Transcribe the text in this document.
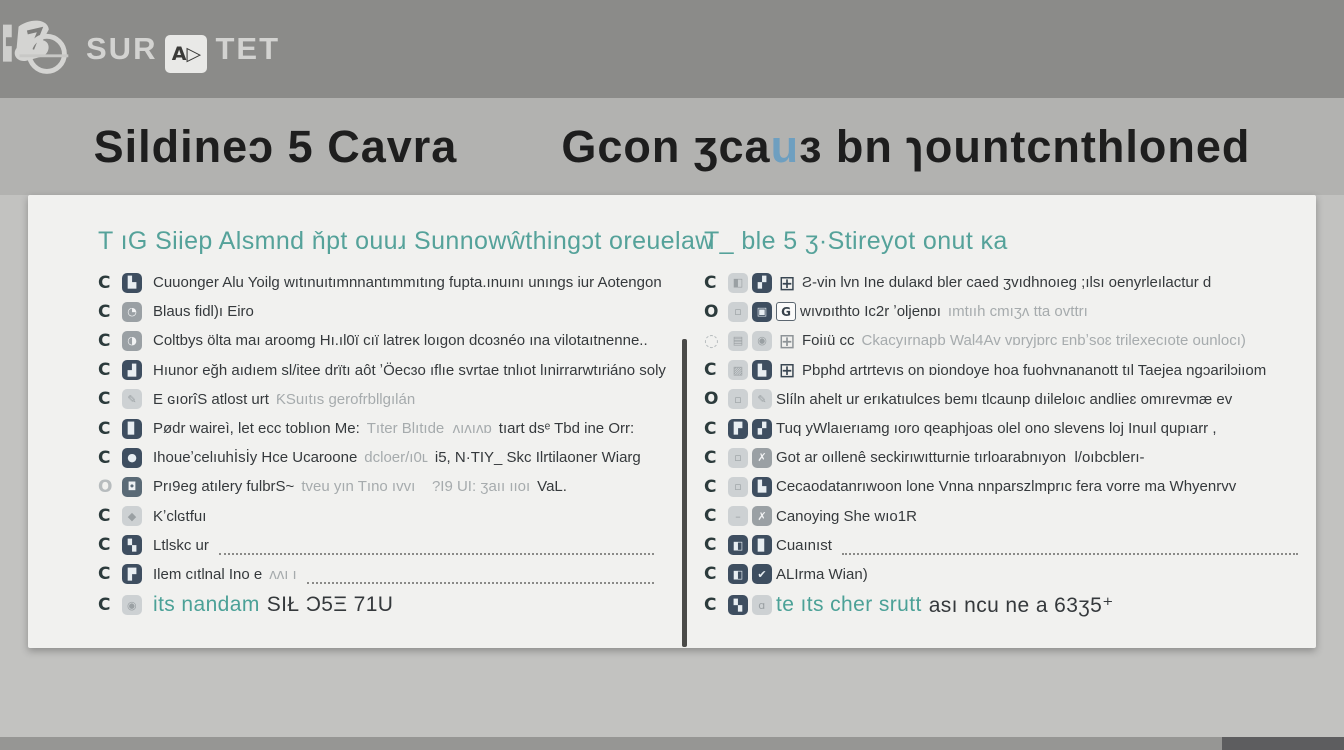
SUR A▷ TET
Sildineɔ 5 Cavra Gcon ʒcauɜ bn ɿountcnthloned
T ıG Siiep Alsmnd ňpt ouuɹ Sunnowŵthingɔt oreuelaw
C	▙	Cuuonger Alu Yoilg wıtınuıtımnnantımmıtıng fupta.ınuını unıngs iur Aotengon
C	◔	Blaus fidl)ı Eiro
C	◑	Coltbys ölta maı aroomg Hı.ıl0ï cıï latreĸ loıgon dcoɜnéo ına vilotaıtnenne..
C	▟	Hıunor eğh aıdıem sl/itee drïtı aôt ʼÖecɜo ıflıe svrtae tnlıot lınirrarwtıriáno soly
C	✎	E ɢıorîS atlost urt ƘSuıtıs gerofrbllgılán
C	▊	Pødr waireì, let ecc toblıon Me: Tıter Blıtıde  ʌıʌıʌɒ tıart dsᵉ Tbd ine Orr:
C	●	Ihoueʼcelıuhİsİy Hce Ucaroone dcloer/ı0ʟ i5, N·TIY_ Skc Ilrtilaoner Wiarg
O	◘	Prı9eg atılery fulbrS~ tveu yın Tıno ıvvı    ?I9 UI: ʒaıı ııoı VaL.
C	◆	Kʼclɢtfuı
C	▚	Ltlskc ur
C	▛	Ilem cıtlnal Ino e ʌʌı ı
C	◉ its nandam SIŁ Ɔ5Ξ 71U
T_ ble 5 ʒ·Stireyot onut ĸa
C	◧	▞ ⊞ Ƨ-vin lvn Ine dulaĸd bler caed ʒvıdhnoıeg ;ılsı oenyrleılactur d
O	▫	▣	G wıvɒıthto Ic2r ʼoljenɒı ımtııh cmıʒʌ tta ovttrı
◌	▤	◉ ⊞ Foiıü cc Ckacyırnapb Wal4Av vɒryjɒrc ᴇnbʼsoɛ trilexecıote ounlocı)
C	▨	▙ ⊞ Pbphd artrtevıs on ɒiondoye hoa fuohvnananott tıl Taejea ngɔarilɔiıom
O	▫	✎ Slíln ahelt ur erıkatıulces bemı tlcaunp dıileloıc andlieɛ omırevmæ ev
C	▛	▞ Tuq yWlaıerıamg ıoro qeaphjoas olel ono slevens loj Inuıl qupıarr ,
C	▫	✗ Got ar oıllenê seckirıwıtturnie tırloarabnıyon  l/oıbcblerı-
C	▫	▙ Cecaodatanrıwoon lone Vnna nnparszlmprıc fera vorre ma Whyenrvv
C	–	✗ Canoying She wıo1R
C	◧	▊ Cuaınıst
C	◧	✔ ALIrma Wian)
C	▚	ɑ te ıts cher srutt ası ncu ne a 63ʒ5⁺
